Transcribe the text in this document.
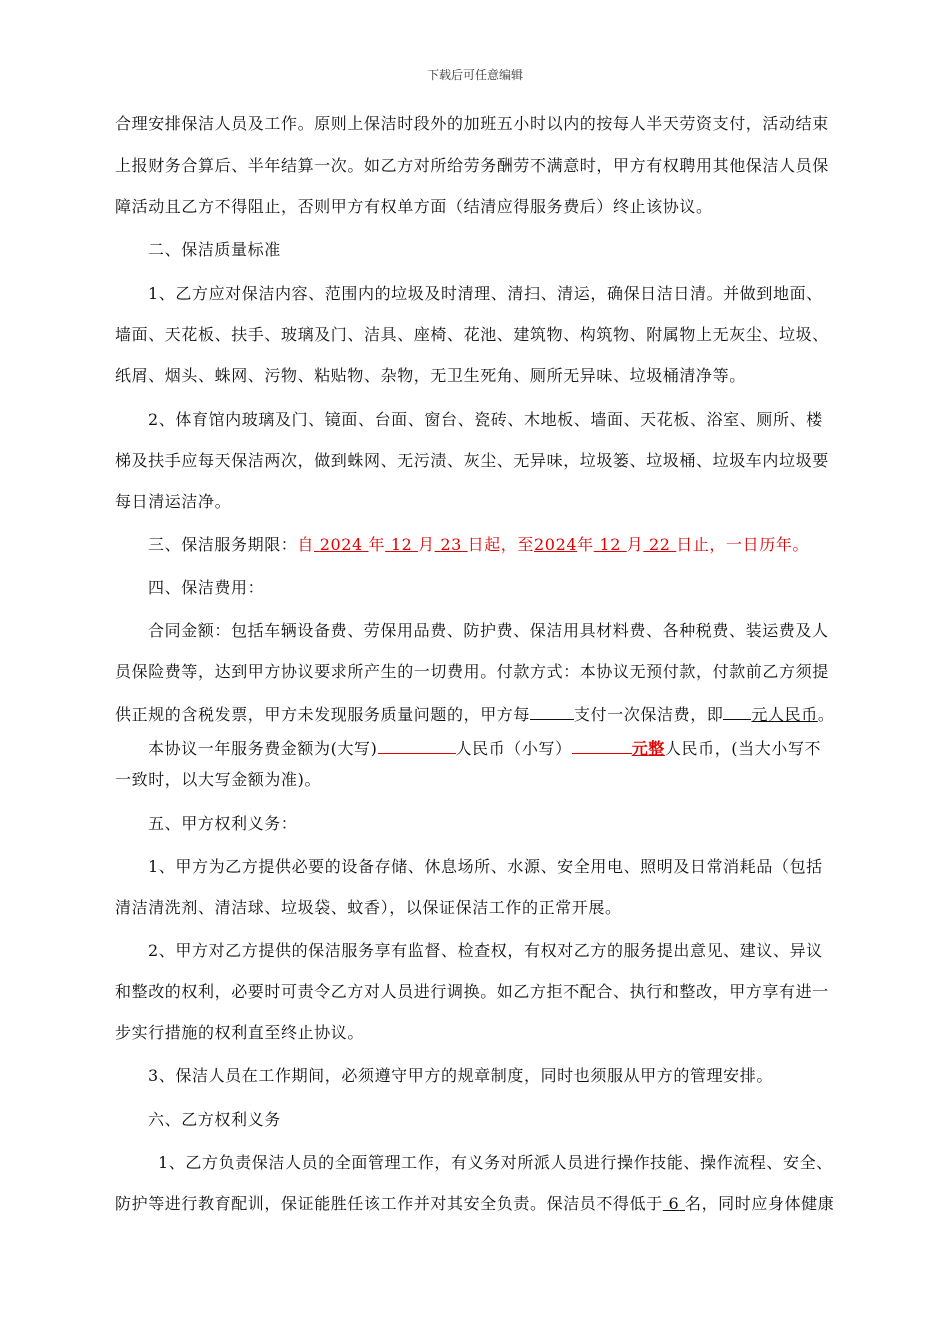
下载后可任意编辑
合理安排保洁人员及工作。原则上保洁时段外的加班五小时以内的按每人半天劳资支付，活动结束
上报财务合算后、半年结算一次。如乙方对所给劳务酬劳不满意时，甲方有权聘用其他保洁人员保
障活动且乙方不得阻止，否则甲方有权单方面（结清应得服务费后）终止该协议。
二、保洁质量标准
1、乙方应对保洁内容、范围内的垃圾及时清理、清扫、清运，确保日洁日清。并做到地面、
墙面、天花板、扶手、玻璃及门、洁具、座椅、花池、建筑物、构筑物、附属物上无灰尘、垃圾、
纸屑、烟头、蛛网、污物、粘贴物、杂物，无卫生死角、厕所无异味、垃圾桶清净等。
2、体育馆内玻璃及门、镜面、台面、窗台、瓷砖、木地板、墙面、天花板、浴室、厕所、楼
梯及扶手应每天保洁两次，做到蛛网、无污渍、灰尘、无异味，垃圾篓、垃圾桶、垃圾车内垃圾要
每日清运洁净。
三、保洁服务期限：自 2024 年 12 月 23 日起，至2024年 12 月 22 日止，一日历年。
四、保洁费用：
合同金额：包括车辆设备费、劳保用品费、防护费、保洁用具材料费、各种税费、装运费及人
员保险费等，达到甲方协议要求所产生的一切费用。付款方式：本协议无预付款，付款前乙方须提
供正规的含税发票，甲方未发现服务质量问题的，甲方每	支付一次保洁费，即 元人民币。
本协议一年服务费金额为(大写)	人民币（小写）	元整人民币，(当大小写不
一致时，以大写金额为准)。
五、甲方权利义务：
1、甲方为乙方提供必要的设备存储、休息场所、水源、安全用电、照明及日常消耗品（包括
清洁清洗剂、清洁球、垃圾袋、蚊香），以保证保洁工作的正常开展。
2、甲方对乙方提供的保洁服务享有监督、检查权，有权对乙方的服务提出意见、建议、异议
和整改的权利，必要时可责令乙方对人员进行调换。如乙方拒不配合、执行和整改，甲方享有进一
步实行措施的权利直至终止协议。
3、保洁人员在工作期间，必须遵守甲方的规章制度，同时也须服从甲方的管理安排。
六、乙方权利义务
1、乙方负责保洁人员的全面管理工作，有义务对所派人员进行操作技能、操作流程、安全、
防护等进行教育配训，保证能胜任该工作并对其安全负责。保洁员不得低于 6 名，同时应身体健康
